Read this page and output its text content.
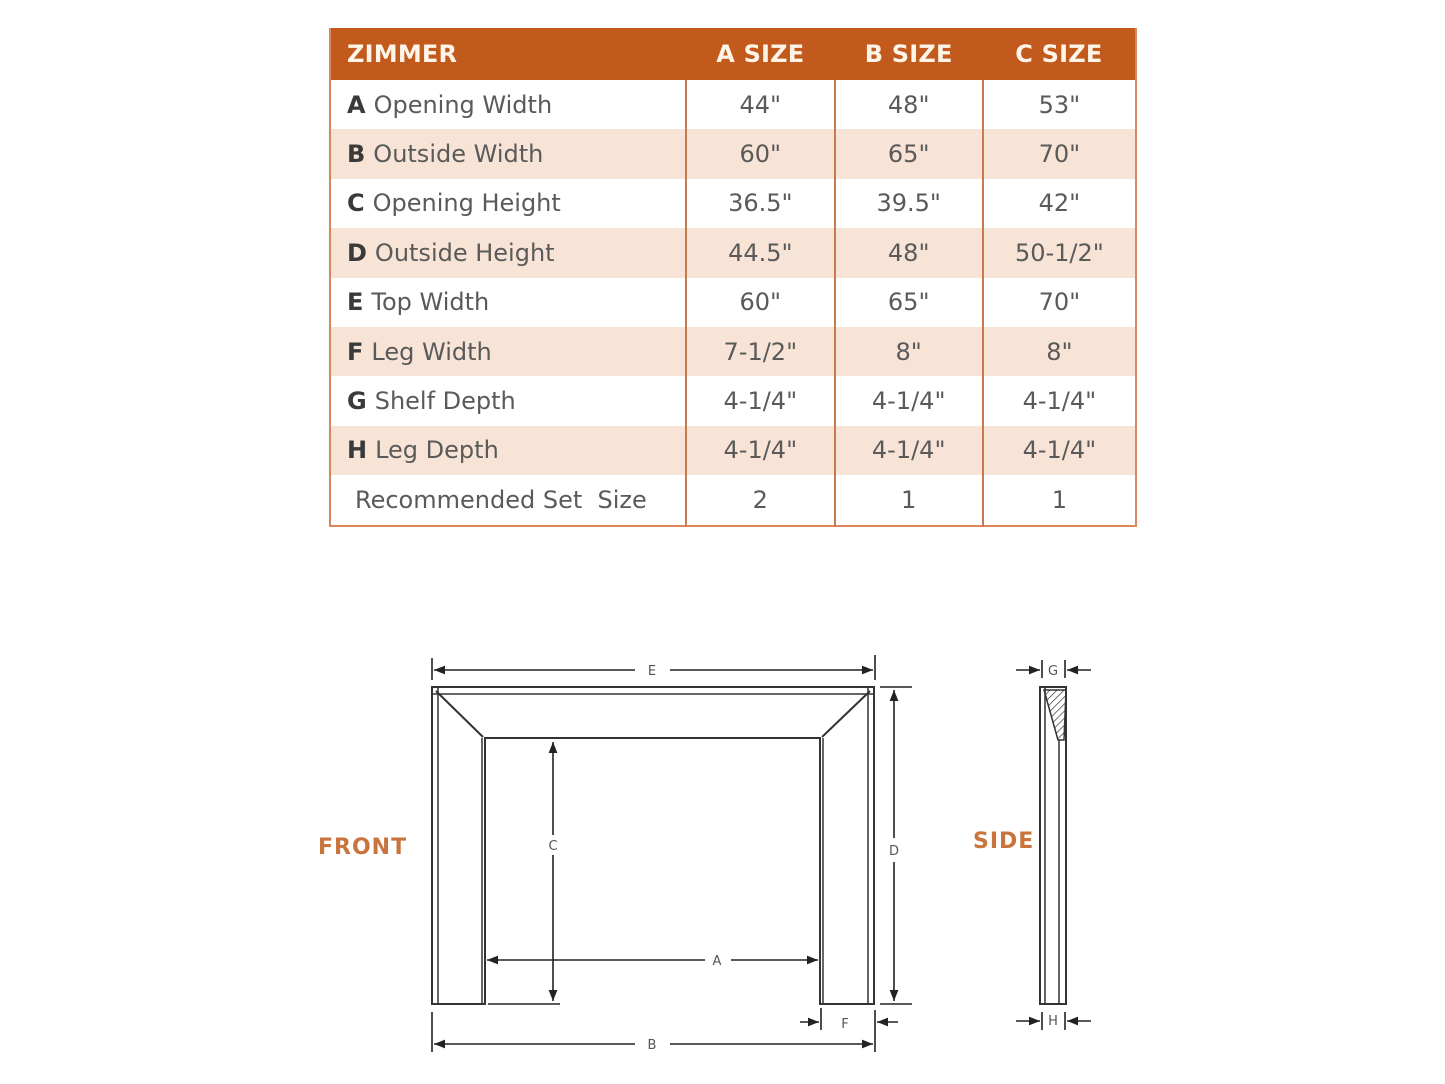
ZIMMER	A SIZE	B SIZE	C SIZE
A Opening Width	44"	48"	53"
B Outside Width	60"	65"	70"
C Opening Height	36.5"	39.5"	42"
D Outside Height	44.5"	48"	50-1/2"
E Top Width	60"	65"	70"
F Leg Width	7-1/2"	8"	8"
G Shelf Depth	4-1/4"	4-1/4"	4-1/4"
H Leg Depth	4-1/4"	4-1/4"	4-1/4"
Recommended Set  Size	2	1	1
FRONT	SIDE
E
B
A
C	D
F
G
H
